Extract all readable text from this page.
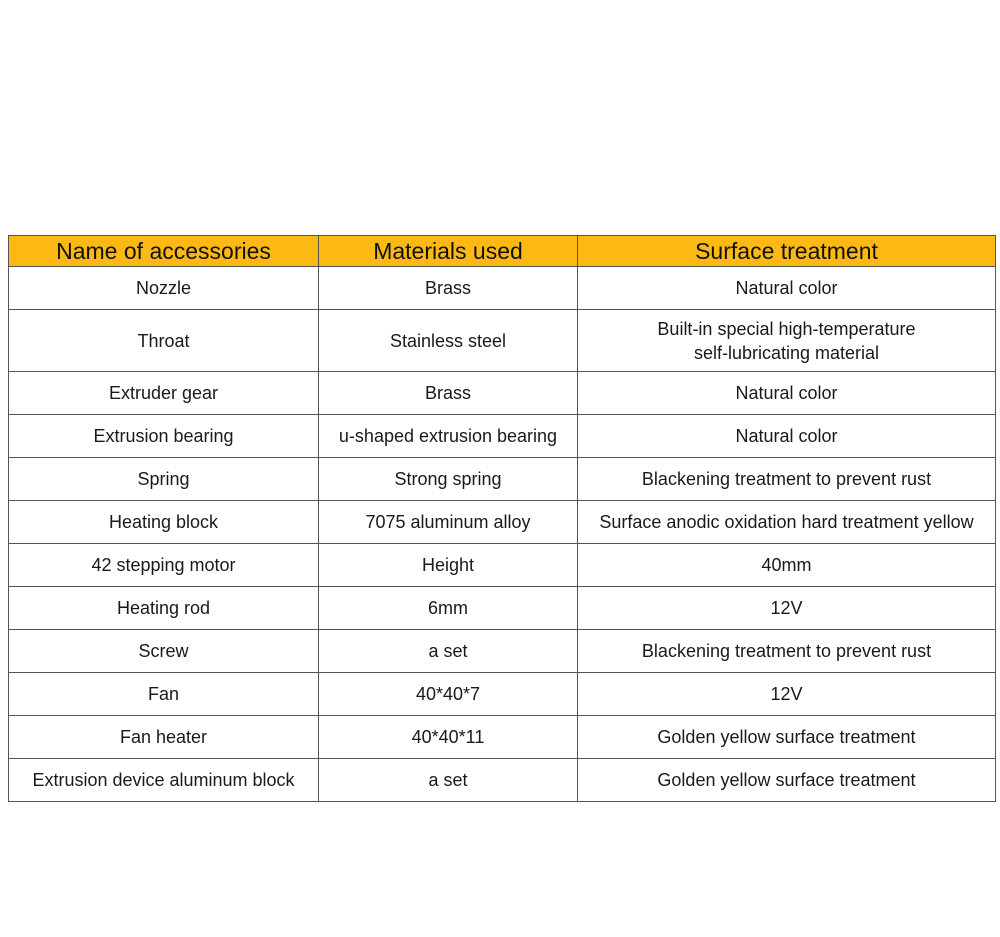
Name of accessories	Materials used	Surface treatment
Nozzle	Brass	Natural color

Throat	Stainless steel	Built-in special high-temperature
self-lubricating material

Extruder gear	Brass	Natural color

Extrusion bearing	u-shaped extrusion bearing	Natural color

Spring	Strong spring	Blackening treatment to prevent rust

Heating block	7075 aluminum alloy	Surface anodic oxidation hard treatment yellow

42 stepping motor	Height	40mm

Heating rod	6mm	12V

Screw	a set	Blackening treatment to prevent rust

Fan	40*40*7	12V

Fan heater	40*40*11	Golden yellow surface treatment

Extrusion device aluminum block	a set	Golden yellow surface treatment
